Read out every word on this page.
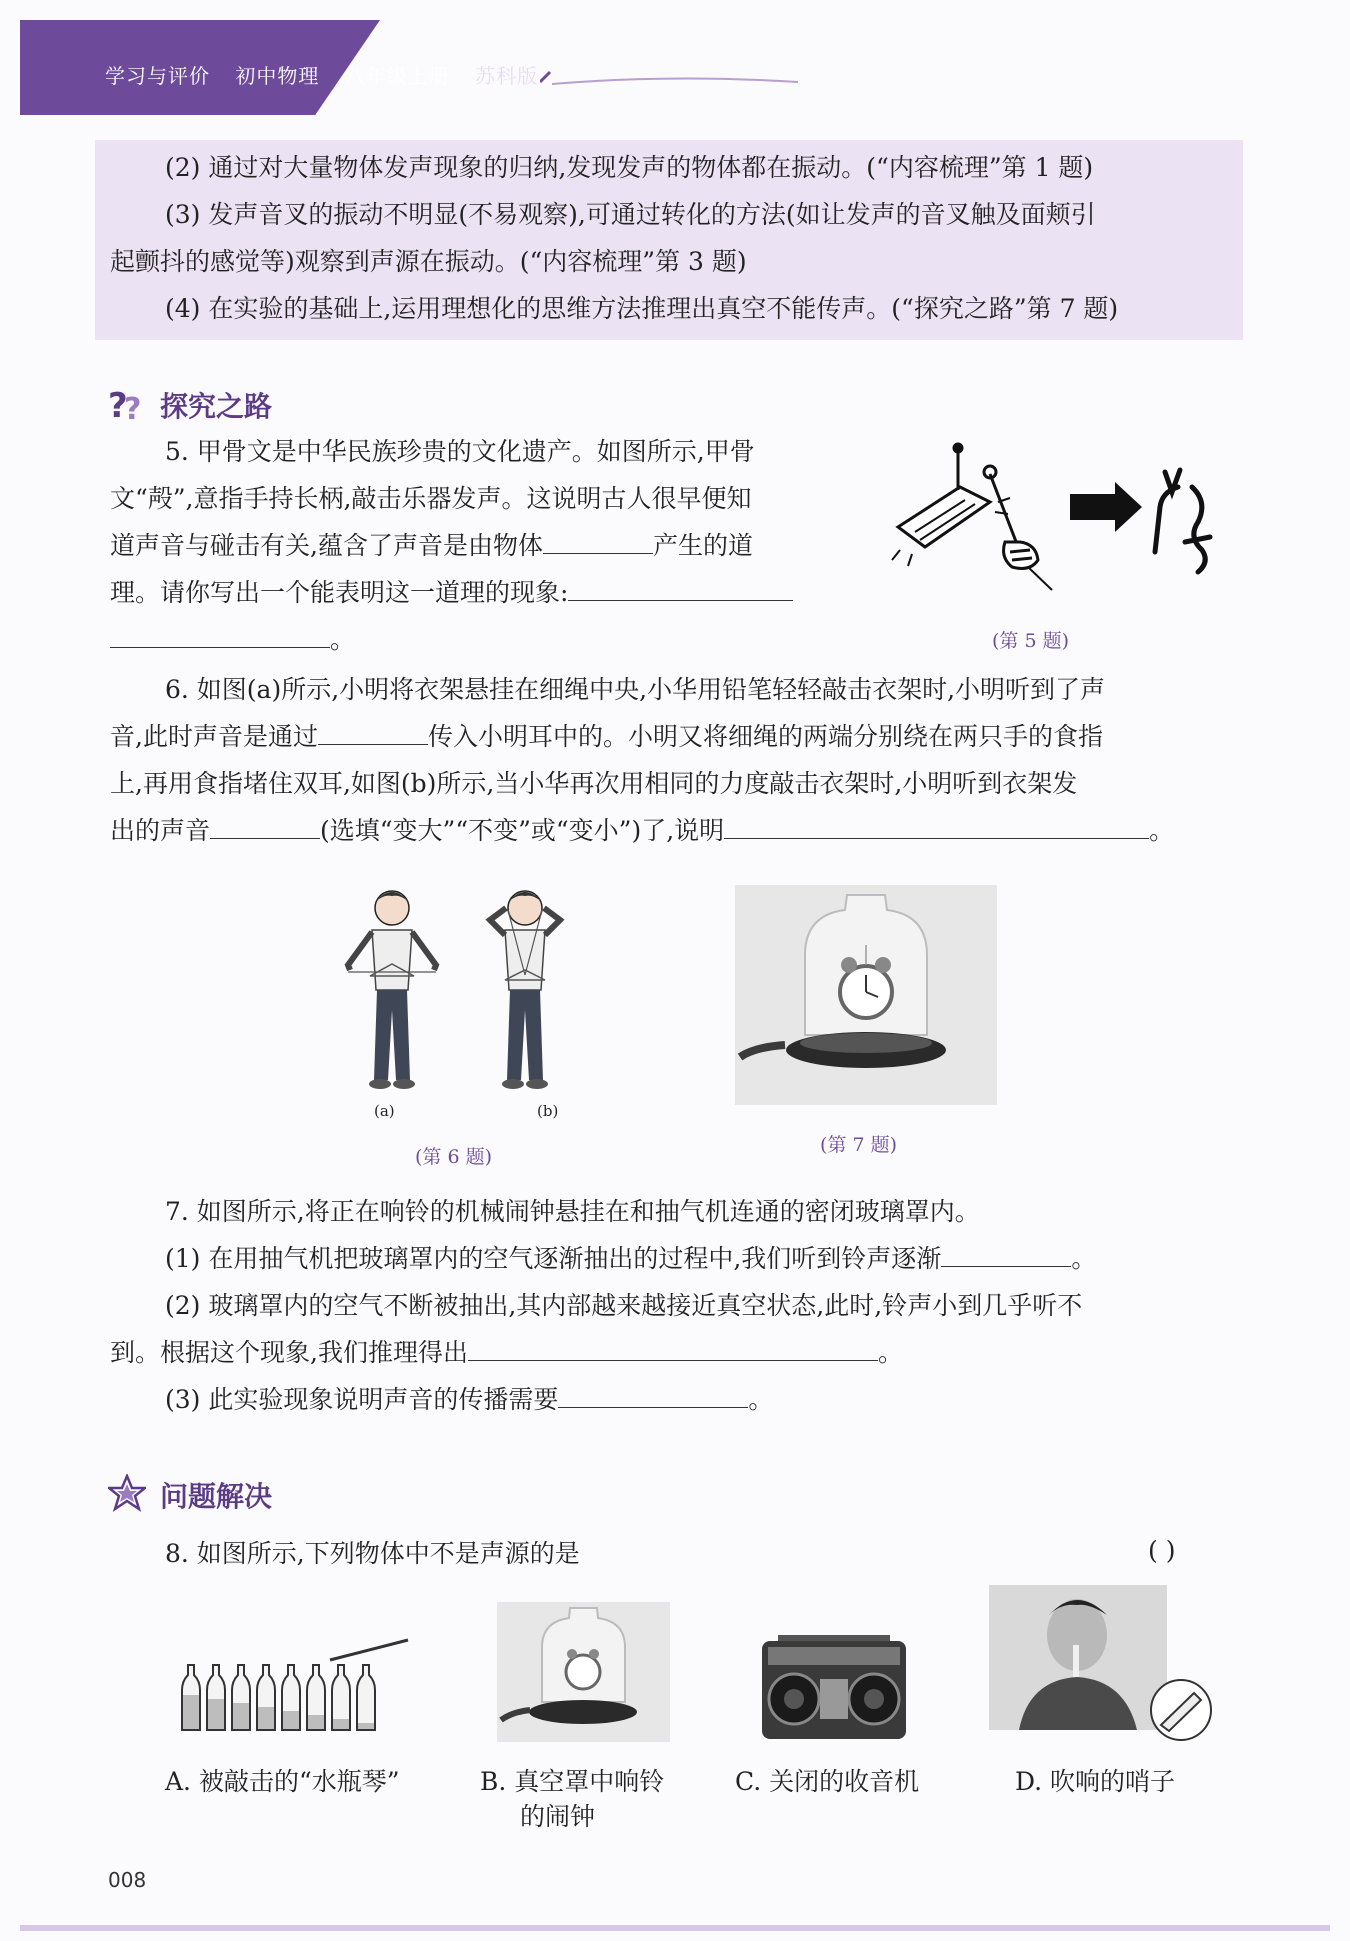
学习与评价 初中物理 八年级上册 苏科版
(2) 通过对大量物体发声现象的归纳,发现发声的物体都在振动。(“内容梳理”第 1 题)
(3) 发声音叉的振动不明显(不易观察),可通过转化的方法(如让发声的音叉触及面颊引
起颤抖的感觉等)观察到声源在振动。(“内容梳理”第 3 题)
(4) 在实验的基础上,运用理想化的思维方法推理出真空不能传声。(“探究之路”第 7 题)
?
? 探究之路
5. 甲骨文是中华民族珍贵的文化遗产。如图所示,甲骨
文“殸”,意指手持长柄,敲击乐器发声。这说明古人很早便知
道声音与碰击有关,蕴含了声音是由物体	产生的道
理。请你写出一个能表明这一道理的现象:
。	(第 5 题)
6. 如图(a)所示,小明将衣架悬挂在细绳中央,小华用铅笔轻轻敲击衣架时,小明听到了声
音,此时声音是通过	传入小明耳中的。小明又将细绳的两端分别绕在两只手的食指
上,再用食指堵住双耳,如图(b)所示,当小华再次用相同的力度敲击衣架时,小明听到衣架发
出的声音	(选填“变大”“不变”或“变小”)了,说明	。
(a)	(b)
(第 6 题)
(第 7 题)
7. 如图所示,将正在响铃的机械闹钟悬挂在和抽气机连通的密闭玻璃罩内。
(1) 在用抽气机把玻璃罩内的空气逐渐抽出的过程中,我们听到铃声逐渐	。
(2) 玻璃罩内的空气不断被抽出,其内部越来越接近真空状态,此时,铃声小到几乎听不
到。根据这个现象,我们推理得出	。
(3) 此实验现象说明声音的传播需要	。
问题解决
8. 如图所示,下列物体中不是声源的是	( )
A. 被敲击的“水瓶琴”	B. 真空罩中响铃
的闹钟
C. 关闭的收音机	D. 吹响的哨子
008
